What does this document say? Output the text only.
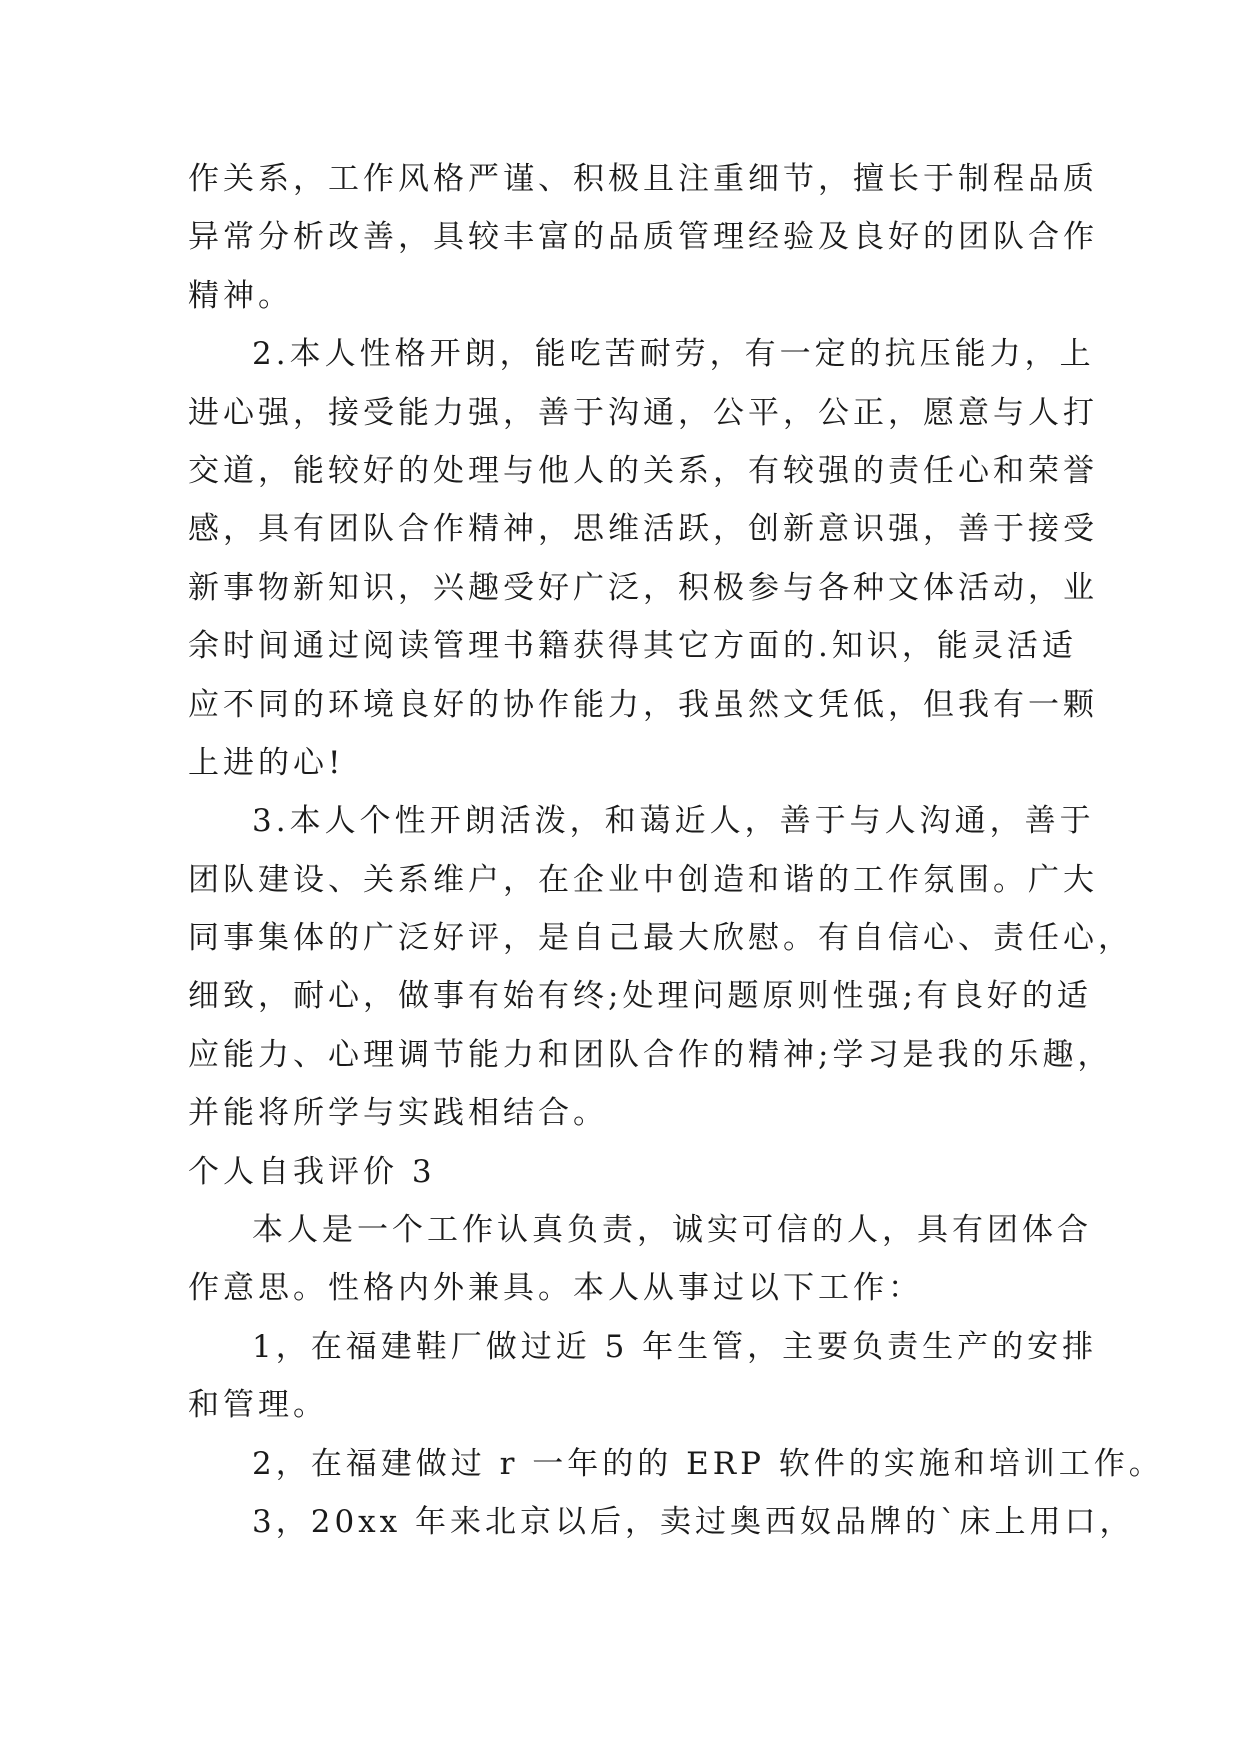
作关系，工作风格严谨、积极且注重细节，擅长于制程品质
异常分析改善，具较丰富的品质管理经验及良好的团队合作
精神。
2.本人性格开朗，能吃苦耐劳，有一定的抗压能力，上
进心强，接受能力强，善于沟通，公平，公正，愿意与人打
交道，能较好的处理与他人的关系，有较强的责任心和荣誉
感，具有团队合作精神，思维活跃，创新意识强，善于接受
新事物新知识，兴趣受好广泛，积极参与各种文体活动，业
余时间通过阅读管理书籍获得其它方面的.知识，能灵活适
应不同的环境良好的协作能力，我虽然文凭低，但我有一颗
上进的心!
3.本人个性开朗活泼，和蔼近人，善于与人沟通，善于
团队建设、关系维户，在企业中创造和谐的工作氛围。广大
同事集体的广泛好评，是自己最大欣慰。有自信心、责任心，
细致，耐心，做事有始有终;处理问题原则性强;有良好的适
应能力、心理调节能力和团队合作的精神;学习是我的乐趣，
并能将所学与实践相结合。
个人自我评价 3
本人是一个工作认真负责，诚实可信的人，具有团体合
作意思。性格内外兼具。本人从事过以下工作：
1，在福建鞋厂做过近 5 年生管，主要负责生产的安排
和管理。
2，在福建做过 r 一年的的 ERP 软件的实施和培训工作。
3，20xx 年来北京以后，卖过奥西奴品牌的`床上用口，
